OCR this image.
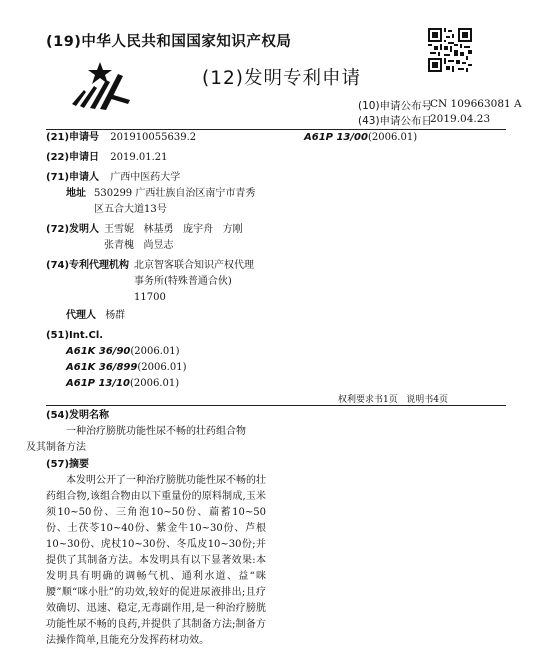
(19)中华人民共和国国家知识产权局
(12)发明专利申请
(10)申请公布号
CN 109663081 A
(43)申请公布日
2019.04.23
(21)申请号 201910055639.2	A61P 13/00(2006.01)
(22)申请日 2019.01.21
(71)申请人 广西中医药大学
地址 530299 广西壮族自治区南宁市青秀
区五合大道13号
(72)发明人 王雪妮   林基勇   庞宇舟   方刚
张青槐   尚昱志
(74)专利代理机构 北京智客联合知识产权代理
事务所(特殊普通合伙)
11700
代理人 杨群
(51)Int.Cl.
A61K 36/90(2006.01)
A61K 36/899(2006.01)
A61P 13/10(2006.01)
权利要求书1页   说明书4页
(54)发明名称
一种治疗膀胱功能性尿不畅的壮药组合物
及其制备方法
(57)摘要
本发明公开了一种治疗膀胱功能性尿不畅的壮药组合物,该组合物由以下重量份的原料制成,玉米须10~50份、三角泡10~50份、萹蓄10~50份、土茯苓10~40份、紫金牛10~30份、芦根10~30份、虎杖10~30份、冬瓜皮10~30份;并提供了其制备方法。本发明具有以下显著效果:本发明具有明确的调畅气机、通利水道、益“咪腰”顺“咪小肚”的功效,较好的促进尿液排出;且疗效确切、迅速、稳定,无毒副作用,是一种治疗膀胱功能性尿不畅的良药,并提供了其制备方法;制备方法操作简单,且能充分发挥药材功效。
